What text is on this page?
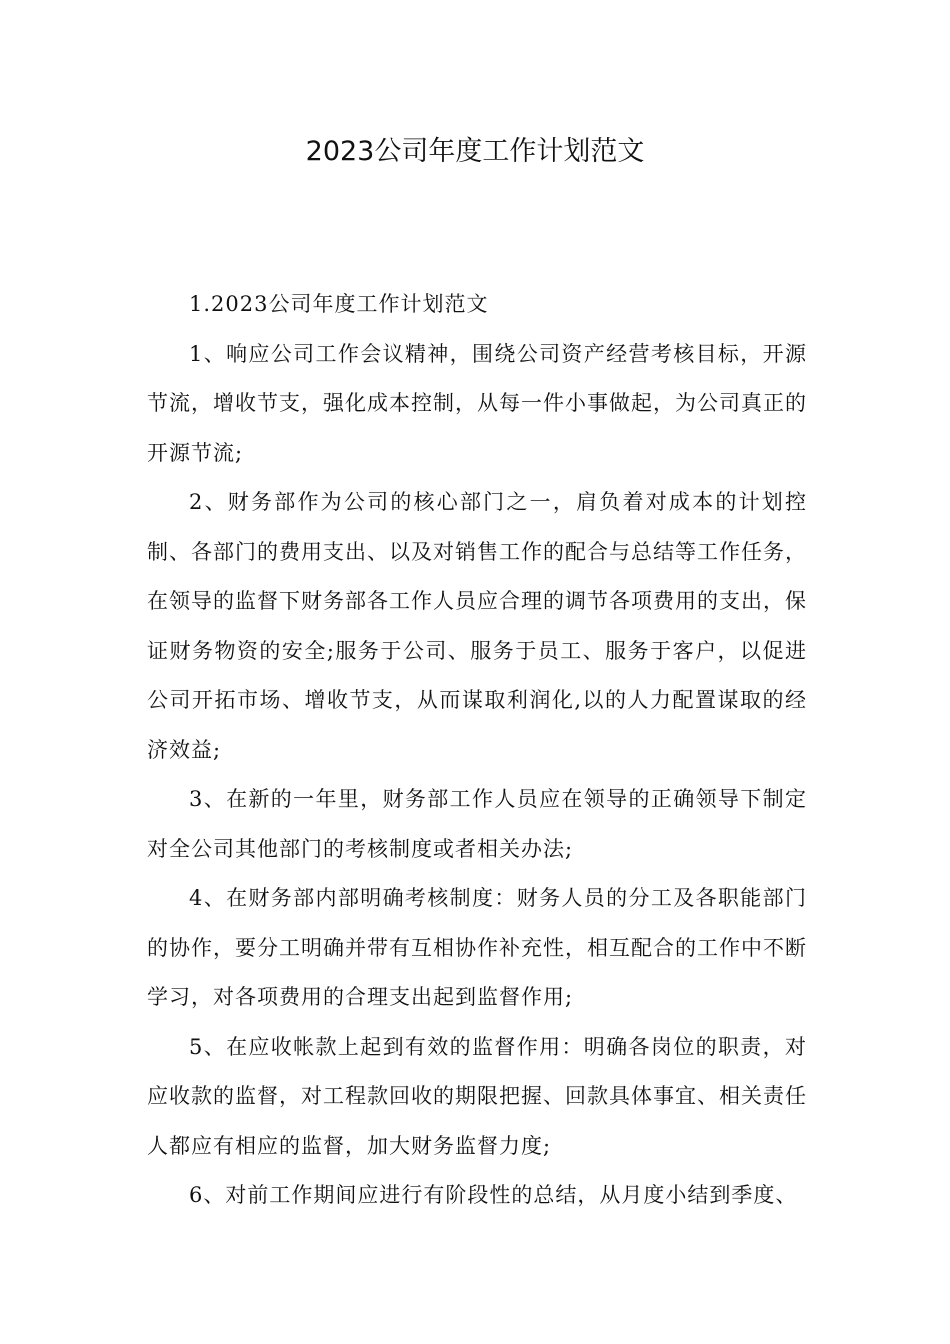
2023公司年度工作计划范文

1.2023公司年度工作计划范文

1、响应公司工作会议精神，围绕公司资产经营考核目标，开源节流，增收节支，强化成本控制，从每一件小事做起，为公司真正的开源节流;

2、财务部作为公司的核心部门之一，肩负着对成本的计划控制、各部门的费用支出、以及对销售工作的配合与总结等工作任务，在领导的监督下财务部各工作人员应合理的调节各项费用的支出，保证财务物资的安全;服务于公司、服务于员工、服务于客户，以促进公司开拓市场、增收节支，从而谋取利润化,以的人力配置谋取的经济效益;

3、在新的一年里，财务部工作人员应在领导的正确领导下制定对全公司其他部门的考核制度或者相关办法;

4、在财务部内部明确考核制度：财务人员的分工及各职能部门的协作，要分工明确并带有互相协作补充性，相互配合的工作中不断学习，对各项费用的合理支出起到监督作用;

5、在应收帐款上起到有效的监督作用：明确各岗位的职责，对应收款的监督，对工程款回收的期限把握、回款具体事宜、相关责任人都应有相应的监督，加大财务监督力度;

6、对前工作期间应进行有阶段性的总结，从月度小结到季度、
